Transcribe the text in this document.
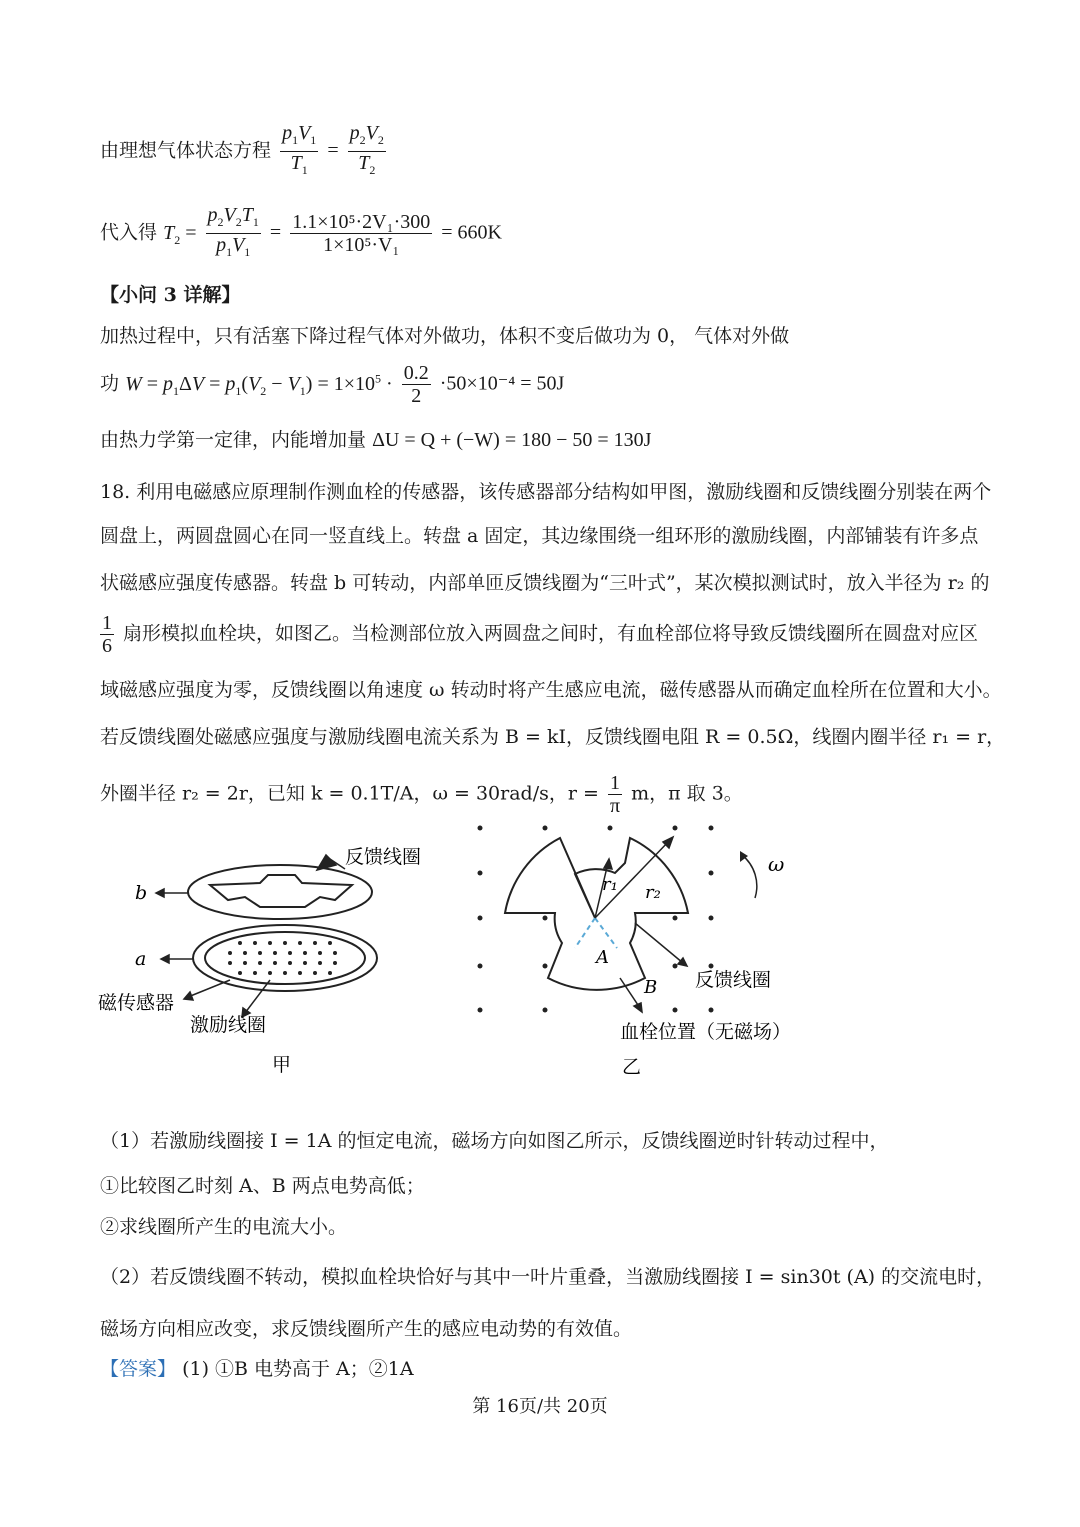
由理想气体状态方程 $\frac{p_1V_1}{T_1} = \frac{p_2V_2}{T_2}$
代入得 $T_2 = \frac{p_2V_2T_1}{p_1V_1} = \frac{\text{1.1×10⁵·2V₁·300}}{\text{1×10⁵·V₁}} = 660K$
【小问 3 详解】
加热过程中，只有活塞下降过程气体对外做功，体积不变后做功为 0， 气体对外做
功 $W = p_1\Delta V = p_1(V_2 - V_1) = 1\times 10^5 \cdot \frac{0.2}{2} \cdot 50\times 10^{-4} = 50J$
由热力学第一定律，内能增加量 ΔU = Q + (−W) = 180 − 50 = 130J
18. 利用电磁感应原理制作测血栓的传感器，该传感器部分结构如甲图，激励线圈和反馈线圈分别装在两个
圆盘上，两圆盘圆心在同一竖直线上。转盘 a 固定，其边缘围绕一组环形的激励线圈，内部铺装有许多点
状磁感应强度传感器。转盘 b 可转动，内部单匝反馈线圈为“三叶式”，某次模拟测试时，放入半径为 r₂ 的
$\frac{1}{6}$ 扇形模拟血栓块，如图乙。当检测部位放入两圆盘之间时，有血栓部位将导致反馈线圈所在圆盘对应区
域磁感应强度为零，反馈线圈以角速度 ω 转动时将产生感应电流，磁传感器从而确定血栓所在位置和大小。
若反馈线圈处磁感应强度与激励线圈电流关系为 B = kI，反馈线圈电阻 R = 0.5Ω，线圈内圈半径 r₁ = r，
外圈半径 r₂ = 2r，已知 k = 0.1T/A，ω = 30rad/s，$r = \frac{1}{\pi}$ m，π 取 3。
反馈线圈
b
a
磁传感器
激励线圈
甲
ω
r₁ r₂
A
B 反馈线圈
血栓位置（无磁场）
乙
（1）若激励线圈接 I = 1A 的恒定电流，磁场方向如图乙所示，反馈线圈逆时针转动过程中，
①比较图乙时刻 A、B 两点电势高低；
②求线圈所产生的电流大小。
（2）若反馈线圈不转动，模拟血栓块恰好与其中一叶片重叠，当激励线圈接 I = sin30t (A) 的交流电时，
磁场方向相应改变，求反馈线圈所产生的感应电动势的有效值。
【答案】 (1) ①B 电势高于 A；②1A
第 16页/共 20页
